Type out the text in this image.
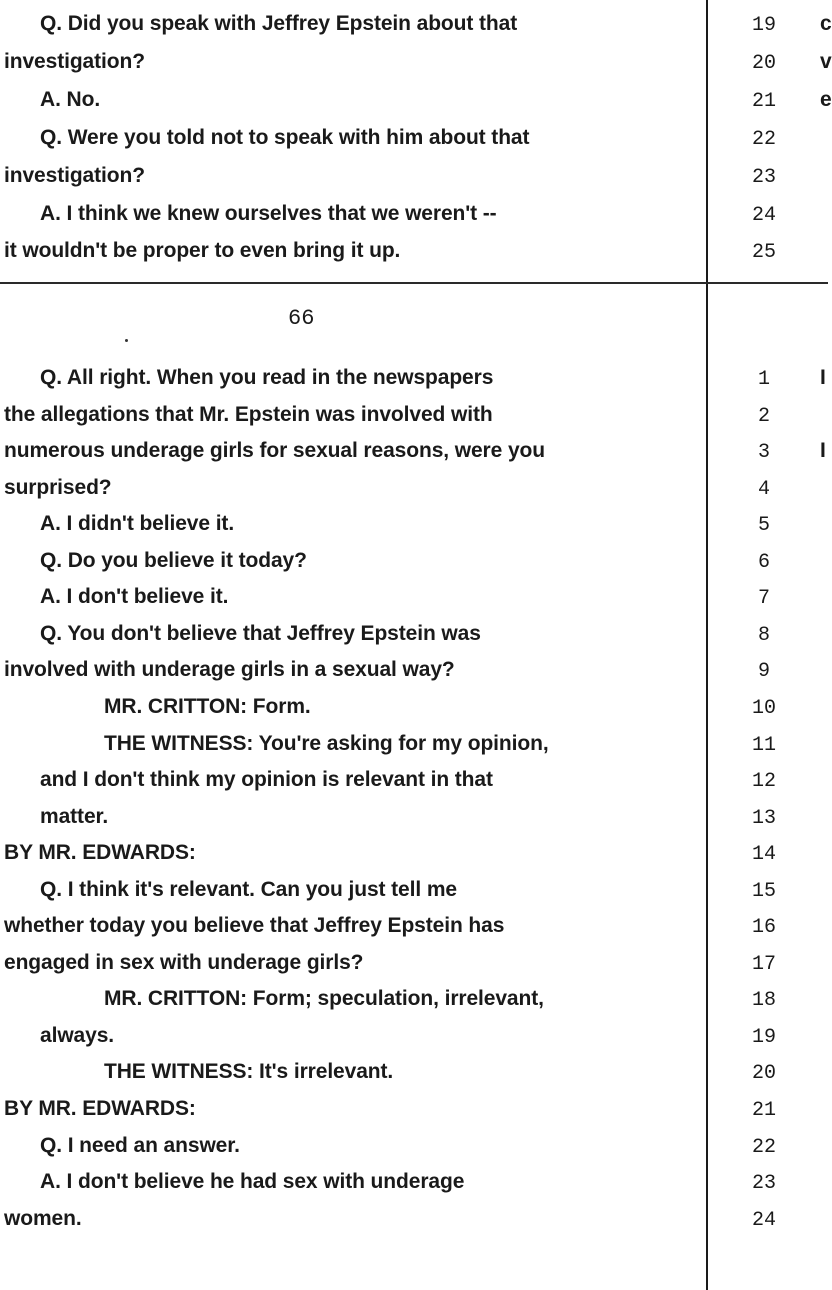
66
Q. Did you speak with Jeffrey Epstein about that
investigation?
A. No.
Q. Were you told not to speak with him about that
investigation?
A. I think we knew ourselves that we weren't --
it wouldn't be proper to even bring it up.
19
20
21
22
23
24
25
c
v
e
Q. All right. When you read in the newspapers
the allegations that Mr. Epstein was involved with
numerous underage girls for sexual reasons, were you
surprised?
A. I didn't believe it.
Q. Do you believe it today?
A. I don't believe it.
Q. You don't believe that Jeffrey Epstein was
involved with underage girls in a sexual way?
MR. CRITTON: Form.
THE WITNESS: You're asking for my opinion,
and I don't think my opinion is relevant in that
matter.
BY MR. EDWARDS:
Q. I think it's relevant. Can you just tell me
whether today you believe that Jeffrey Epstein has
engaged in sex with underage girls?
MR. CRITTON: Form; speculation, irrelevant,
always.
THE WITNESS: It's irrelevant.
BY MR. EDWARDS:
Q. I need an answer.
A. I don't believe he had sex with underage
women.
1
2
3
4
5
6
7
8
9
10
11
12
13
14
15
16
17
18
19
20
21
22
23
24
I
I
